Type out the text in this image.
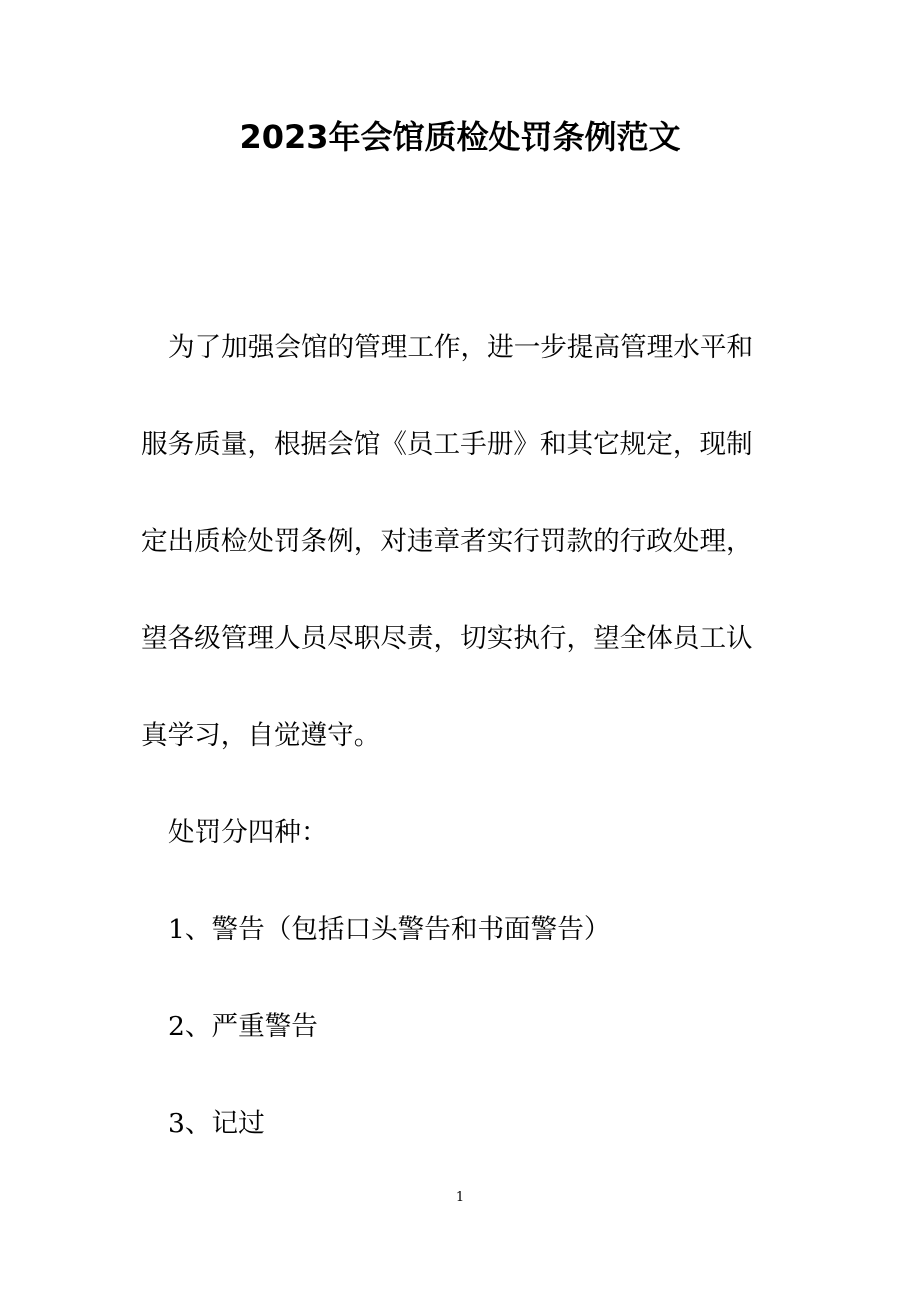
2023年会馆质检处罚条例范文
为了加强会馆的管理工作，进一步提高管理水平和
服务质量，根据会馆《员工手册》和其它规定，现制
定出质检处罚条例，对违章者实行罚款的行政处理，
望各级管理人员尽职尽责，切实执行，望全体员工认
真学习，自觉遵守。
处罚分四种：
1、警告（包括口头警告和书面警告）
2、严重警告
3、记过
1
